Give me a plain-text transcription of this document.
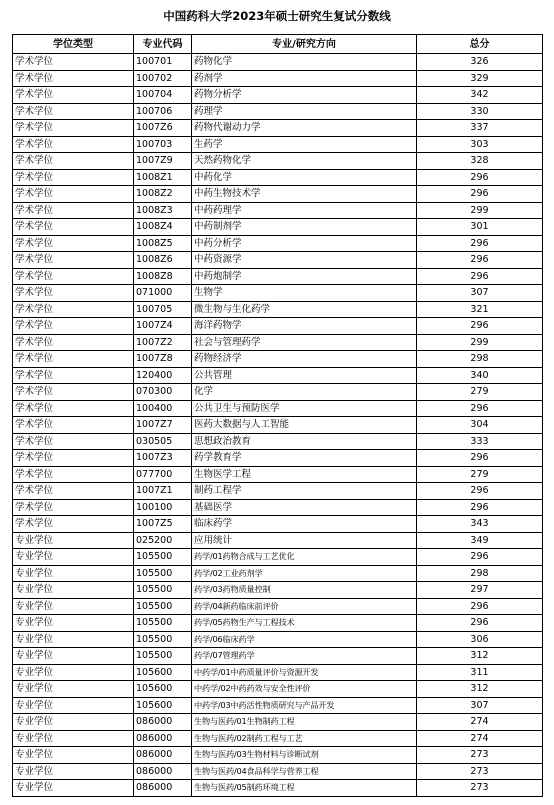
中国药科大学2023年硕士研究生复试分数线
学位类型	专业代码	专业/研究方向	总分
学术学位	100701	药物化学	326
学术学位	100702	药剂学	329
学术学位	100704	药物分析学	342
学术学位	100706	药理学	330
学术学位	1007Z6	药物代谢动力学	337
学术学位	100703	生药学	303
学术学位	1007Z9	天然药物化学	328
学术学位	1008Z1	中药化学	296
学术学位	1008Z2	中药生物技术学	296
学术学位	1008Z3	中药药理学	299
学术学位	1008Z4	中药制剂学	301
学术学位	1008Z5	中药分析学	296
学术学位	1008Z6	中药资源学	296
学术学位	1008Z8	中药炮制学	296
学术学位	071000	生物学	307
学术学位	100705	微生物与生化药学	321
学术学位	1007Z4	海洋药物学	296
学术学位	1007Z2	社会与管理药学	299
学术学位	1007Z8	药物经济学	298
学术学位	120400	公共管理	340
学术学位	070300	化学	279
学术学位	100400	公共卫生与预防医学	296
学术学位	1007Z7	医药大数据与人工智能	304
学术学位	030505	思想政治教育	333
学术学位	1007Z3	药学教育学	296
学术学位	077700	生物医学工程	279
学术学位	1007Z1	制药工程学	296
学术学位	100100	基础医学	296
学术学位	1007Z5	临床药学	343
专业学位	025200	应用统计	349
专业学位	105500	药学/01药物合成与工艺优化	296
专业学位	105500	药学/02工业药剂学	298
专业学位	105500	药学/03药物质量控制	297
专业学位	105500	药学/04新药临床前评价	296
专业学位	105500	药学/05药物生产与工程技术	296
专业学位	105500	药学/06临床药学	306
专业学位	105500	药学/07管理药学	312
专业学位	105600	中药学/01中药质量评价与资源开发	311
专业学位	105600	中药学/02中药药效与安全性评价	312
专业学位	105600	中药学/03中药活性物质研究与产品开发	307
专业学位	086000	生物与医药/01生物制药工程	274
专业学位	086000	生物与医药/02制药工程与工艺	274
专业学位	086000	生物与医药/03生物材料与诊断试剂	273
专业学位	086000	生物与医药/04食品科学与营养工程	273
专业学位	086000	生物与医药/05制药环境工程	273
